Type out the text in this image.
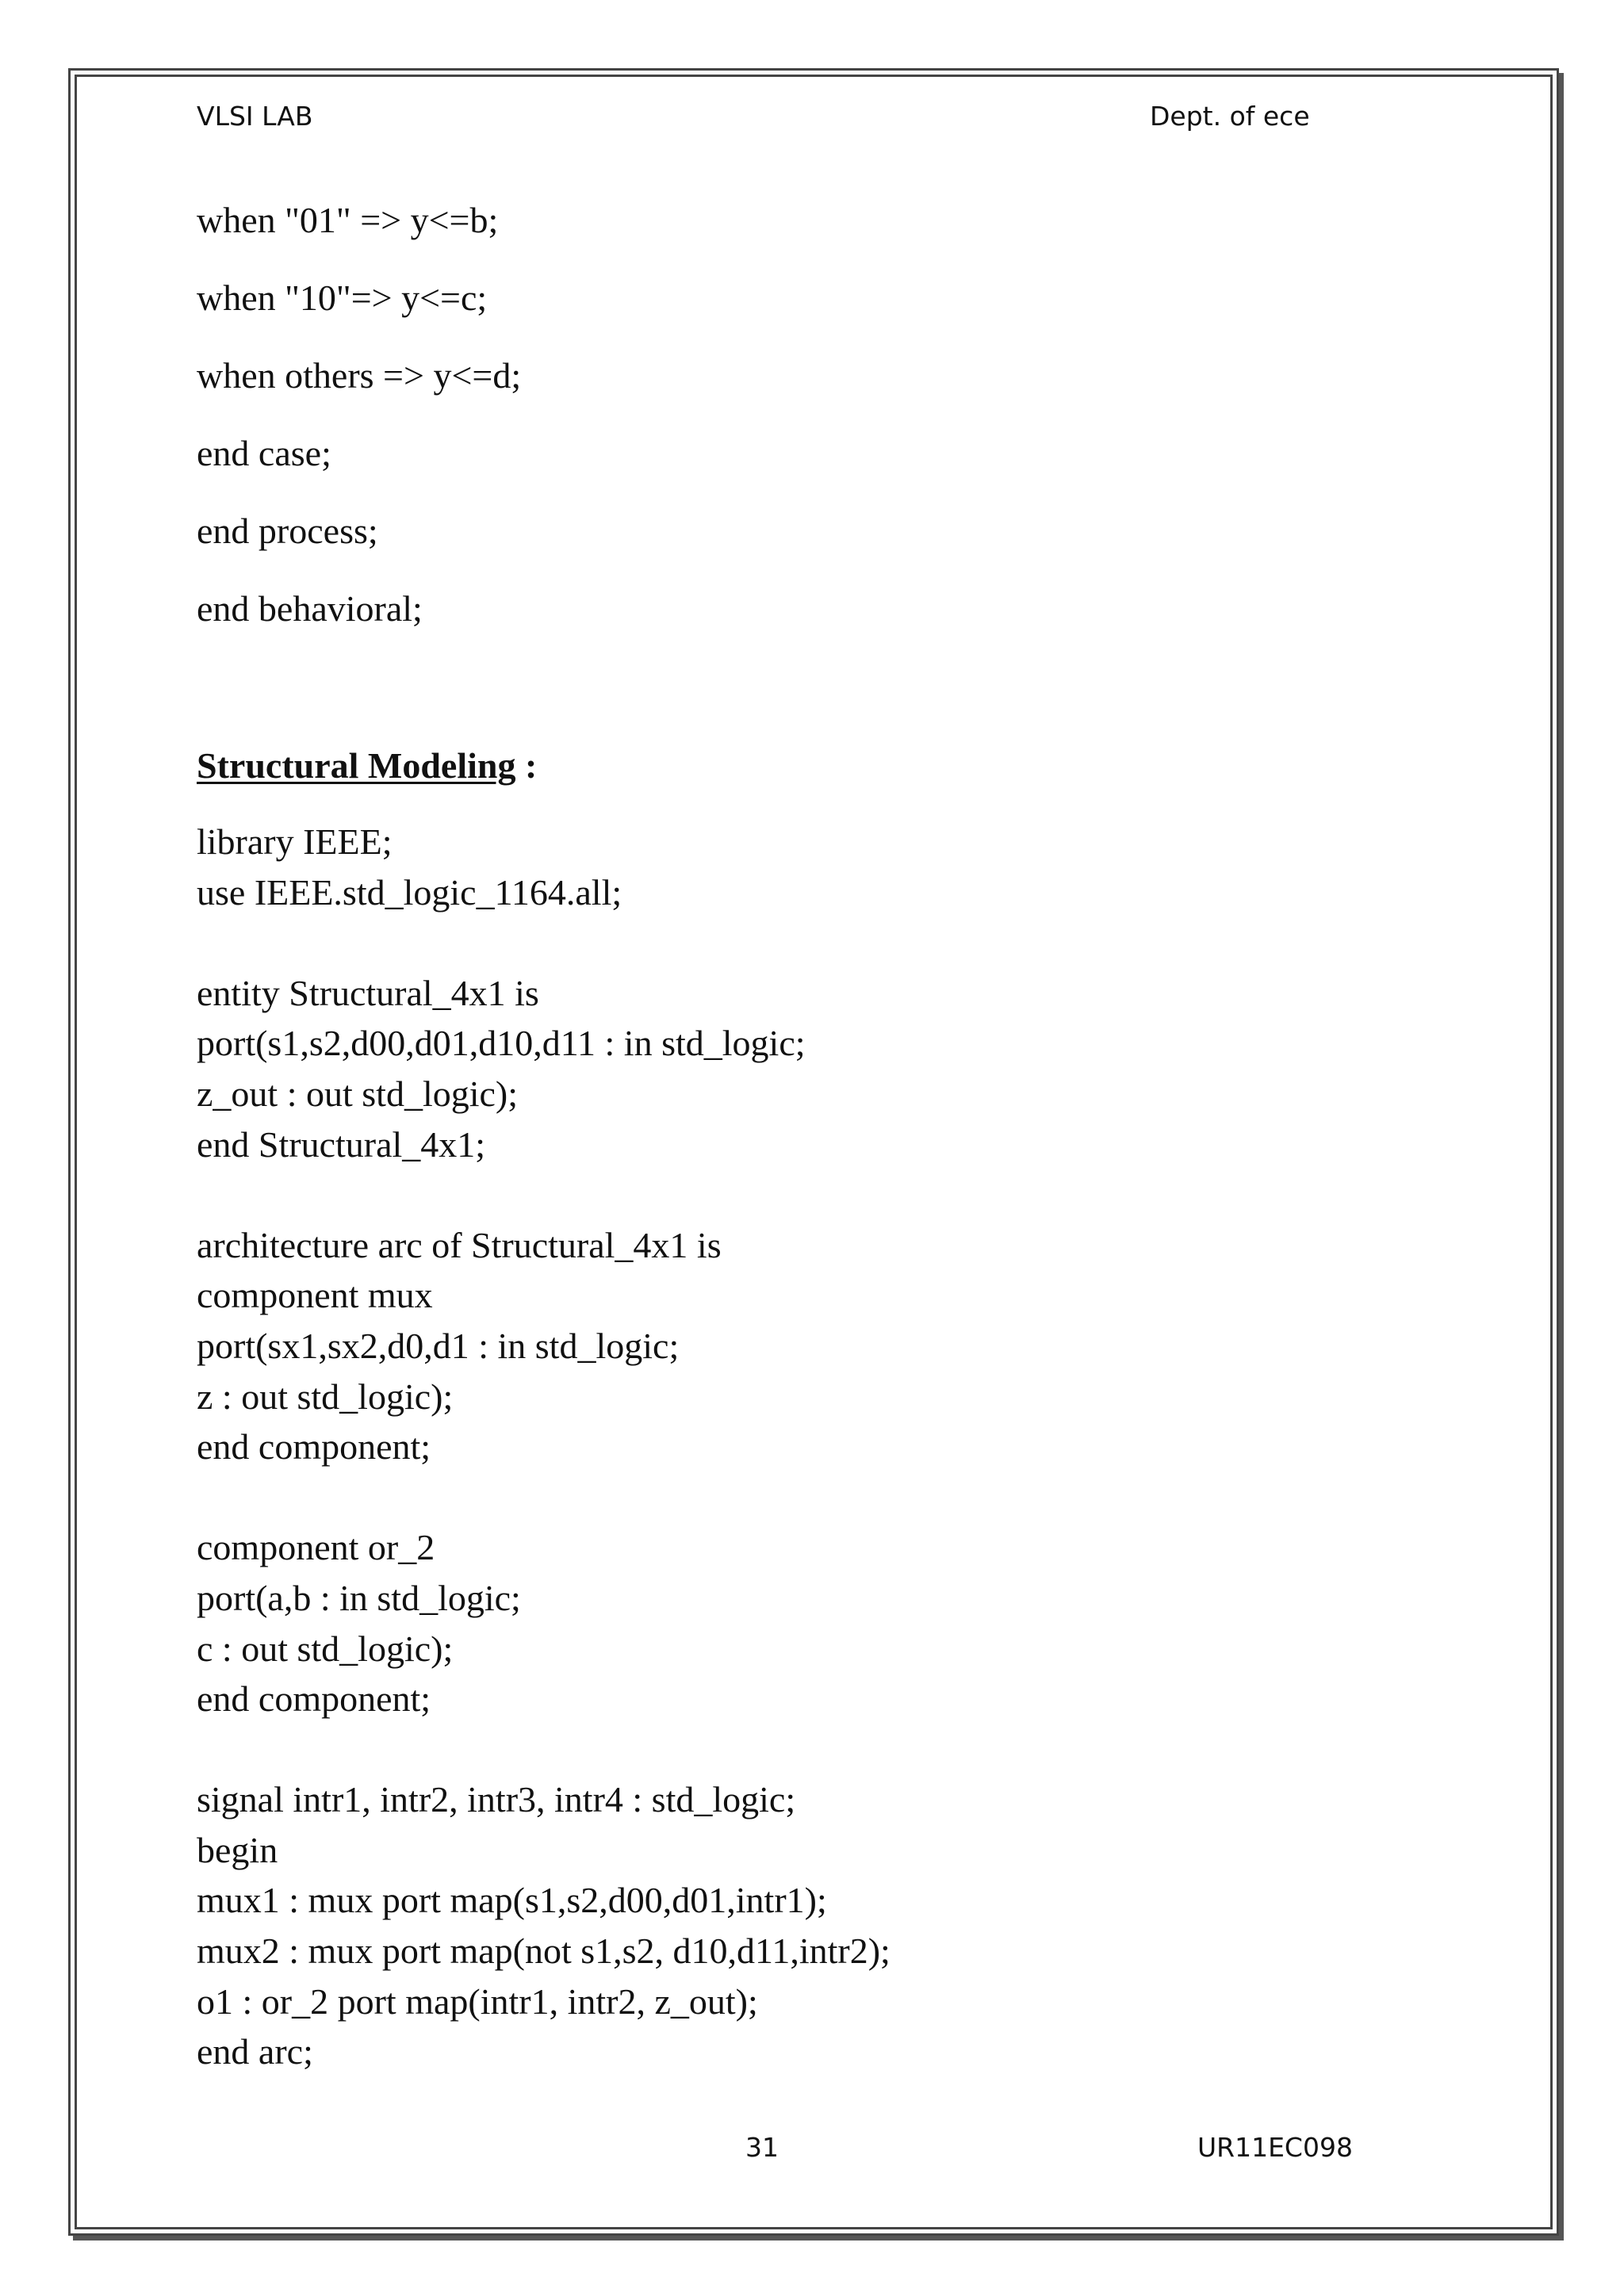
VLSI LAB	Dept. of ece
when "01" => y<=b;
when "10"=> y<=c;
when others => y<=d;
end case;
end process;
end behavioral;
Structural Modeling :
library IEEE;
use IEEE.std_logic_1164.all;
entity Structural_4x1 is
port(s1,s2,d00,d01,d10,d11 : in std_logic;
z_out : out std_logic);
end Structural_4x1;
architecture arc of Structural_4x1 is
component mux
port(sx1,sx2,d0,d1 : in std_logic;
z : out std_logic);
end component;
component or_2
port(a,b : in std_logic;
c : out std_logic);
end component;
signal intr1, intr2, intr3, intr4 : std_logic;
begin
mux1 : mux port map(s1,s2,d00,d01,intr1);
mux2 : mux port map(not s1,s2, d10,d11,intr2);
o1 : or_2 port map(intr1, intr2, z_out);
end arc;
31	UR11EC098
